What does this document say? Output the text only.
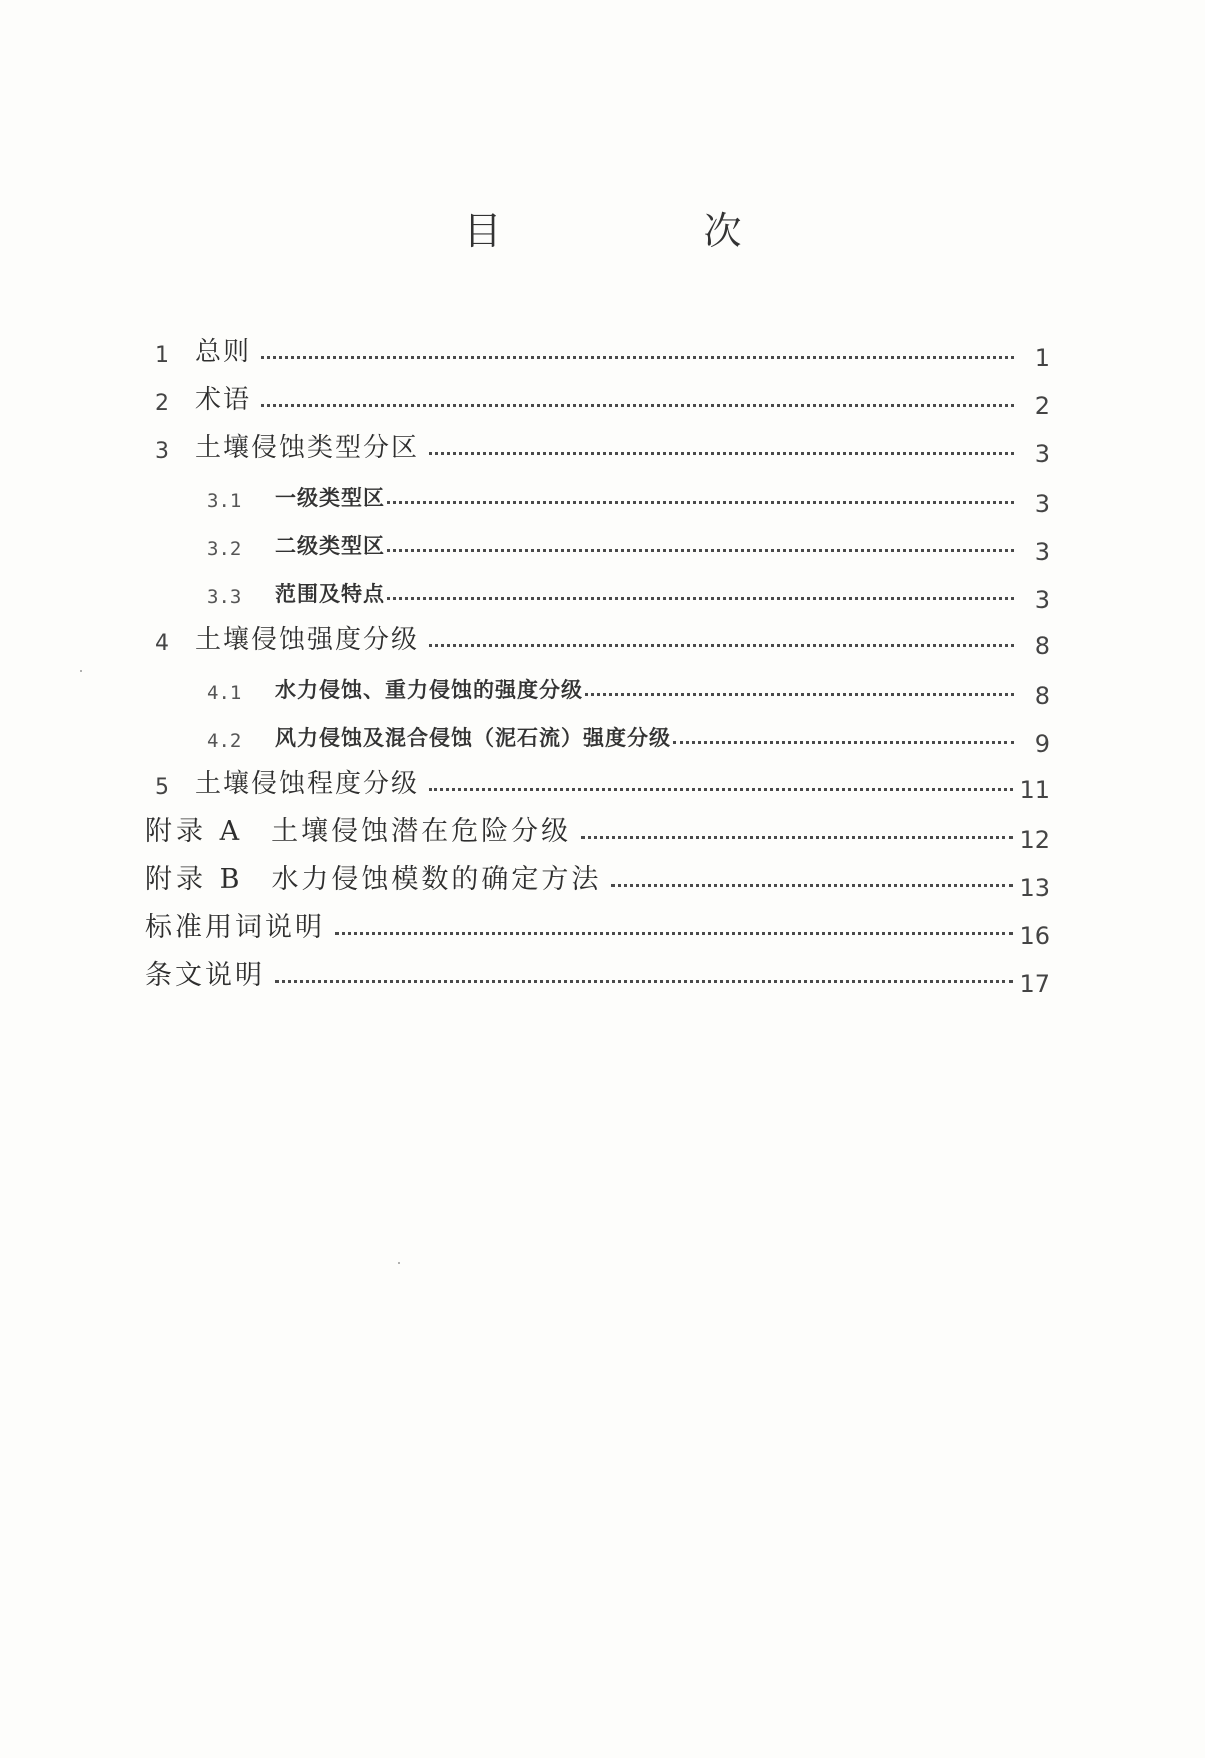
目　次
1	总则	1
2	术语	2
3	土壤侵蚀类型分区	3
3.1	一级类型区	3
3.2	二级类型区	3
3.3	范围及特点	3
4	土壤侵蚀强度分级	8
4.1	水力侵蚀、重力侵蚀的强度分级	8
4.2	风力侵蚀及混合侵蚀（泥石流）强度分级	9
5	土壤侵蚀程度分级	11
附录 A 土壤侵蚀潜在危险分级	12
附录 B 水力侵蚀模数的确定方法	13
标准用词说明	16
条文说明	17
